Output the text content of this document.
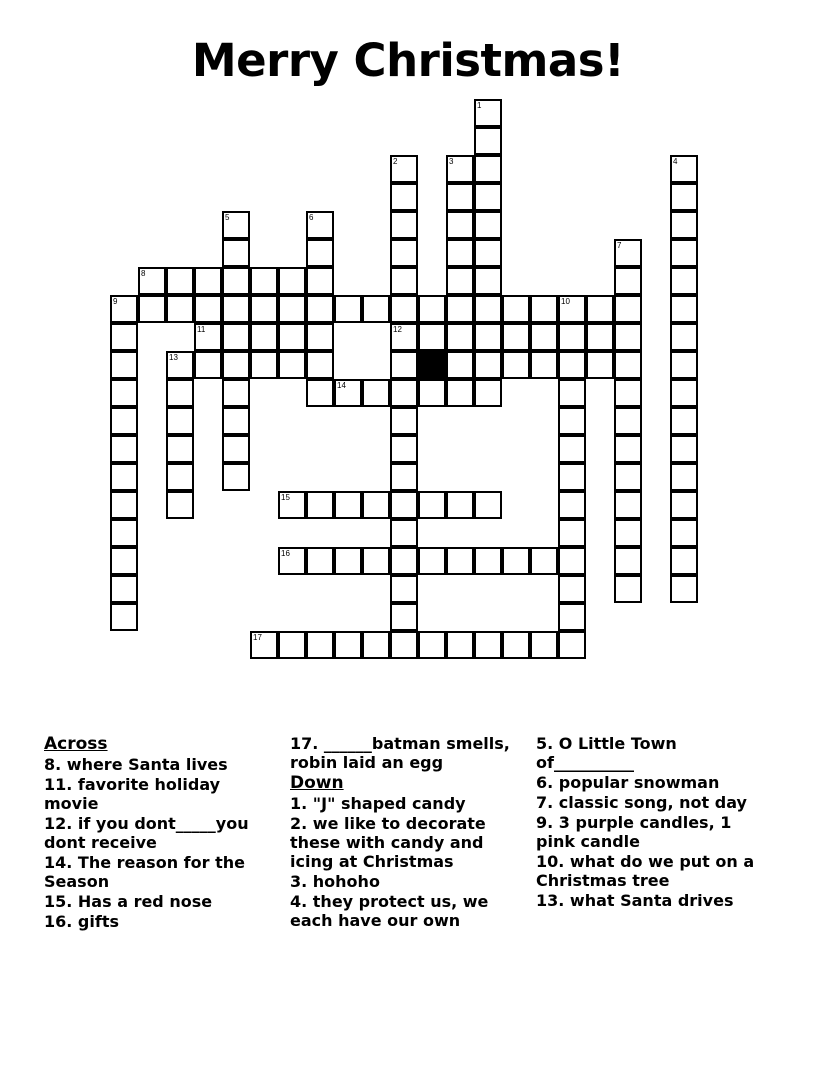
Merry Christmas!
1
2	3	4
5	6
7
8
9	10
11	12
13
14
15
16
17
Across
8. where Santa lives
11. favorite holiday movie
12. if you dont_____you dont receive
14. The reason for the Season
15. Has a red nose
16. gifts
17. ______batman smells, robin laid an egg
Down
1. "J" shaped candy
2. we like to decorate these with candy and icing at Christmas
3. hohoho
4. they protect us, we each have our own
5. O Little Town of__________
6. popular snowman
7. classic song, not day
9. 3 purple candles, 1 pink candle
10. what do we put on a Christmas tree
13. what Santa drives
